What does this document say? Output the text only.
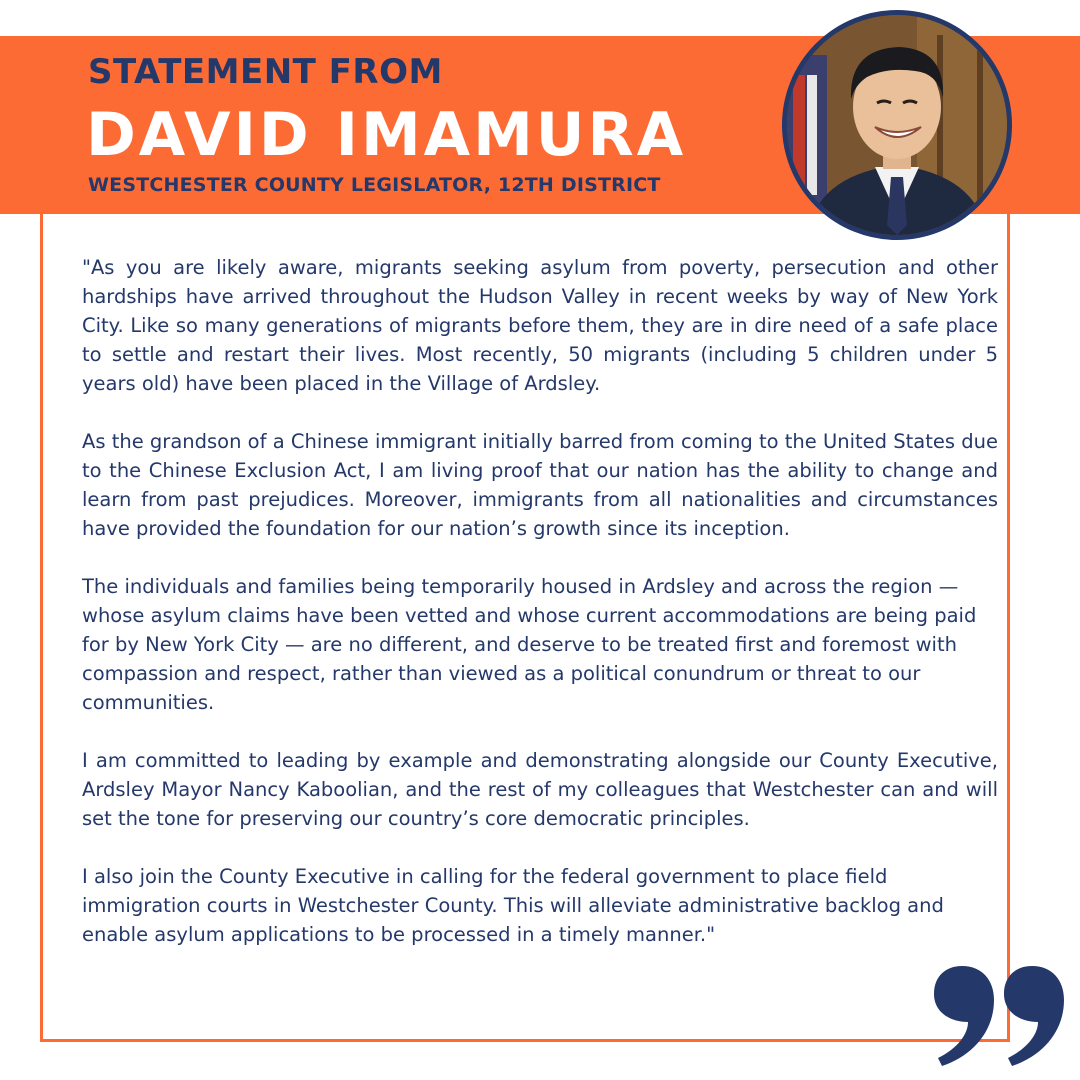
STATEMENT FROM
DAVID IMAMURA
WESTCHESTER COUNTY LEGISLATOR, 12TH DISTRICT

"As you are likely aware, migrants seeking asylum from poverty, persecution and other hardships have arrived throughout the Hudson Valley in recent weeks by way of New York City. Like so many generations of migrants before them, they are in dire need of a safe place to settle and restart their lives. Most recently, 50 migrants (including 5 children under 5 years old) have been placed in the Village of Ardsley.

As the grandson of a Chinese immigrant initially barred from coming to the United States due to the Chinese Exclusion Act, I am living proof that our nation has the ability to change and learn from past prejudices. Moreover, immigrants from all nationalities and circumstances have provided the foundation for our nation’s growth since its inception.

The individuals and families being temporarily housed in Ardsley and across the region — whose asylum claims have been vetted and whose current accommodations are being paid for by New York City — are no different, and deserve to be treated first and foremost with compassion and respect, rather than viewed as a political conundrum or threat to our communities.

I am committed to leading by example and demonstrating alongside our County Executive, Ardsley Mayor Nancy Kaboolian, and the rest of my colleagues that Westchester can and will set the tone for preserving our country’s core democratic principles.

I also join the County Executive in calling for the federal government to place field immigration courts in Westchester County. This will alleviate administrative backlog and enable asylum applications to be processed in a timely manner."
